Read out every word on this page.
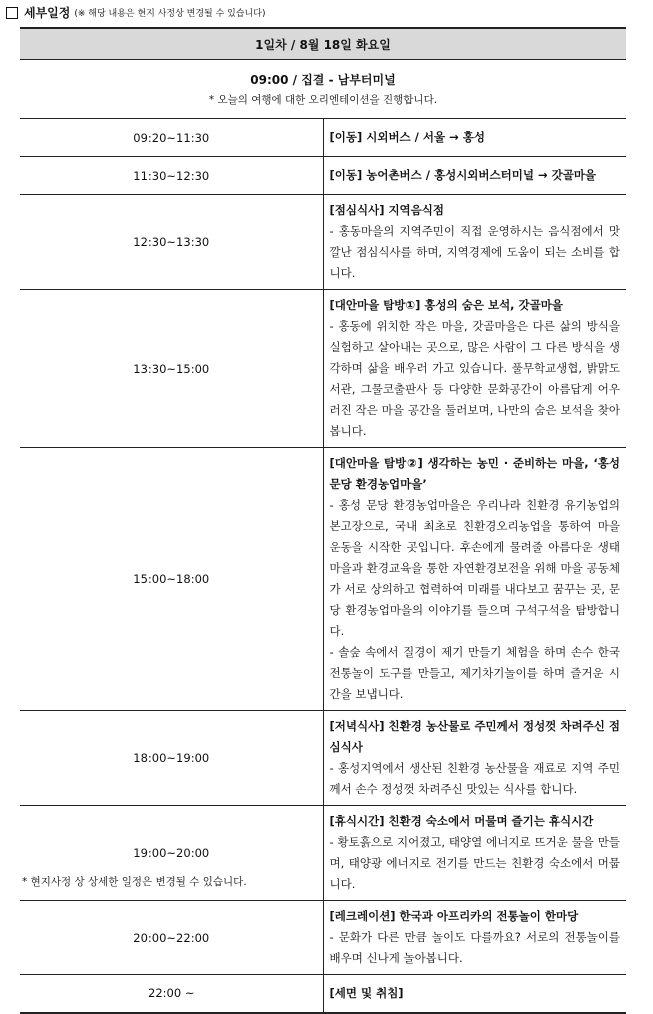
세부일정 (※ 해당 내용은 현지 사정상 변경될 수 있습니다)
1일차 / 8월 18일 화요일	

09:00 / 집결 - 남부터미널
* 오늘의 여행에 대한 오리엔테이션을 진행합니다.	

09:20~11:30	[이동] 시외버스 / 서울 → 홍성

11:30~12:30	[이동] 농어촌버스 / 홍성시외버스터미널 → 갓골마을

12:30~13:30	[점심식사] 지역음식점
- 홍동마을의 지역주민이 직접 운영하시는 음식점에서 맛깔난 점심식사를 하며, 지역경제에 도움이 되는 소비를 합니다.

13:30~15:00	[대안마을 탐방①] 홍성의 숨은 보석, 갓골마을
- 홍동에 위치한 작은 마을, 갓골마을은 다른 삶의 방식을 실험하고 살아내는 곳으로, 많은 사람이 그 다른 방식을 생각하며 삶을 배우러 가고 있습니다. 풀무학교생협, 밝맑도서관, 그물코출판사 등 다양한 문화공간이 아름답게 어우러진 작은 마을 공간을 둘러보며, 나만의 숨은 보석을 찾아봅니다.

15:00~18:00	[대안마을 탐방②] 생각하는 농민 · 준비하는 마을, ‘홍성 문당 환경농업마을’
- 홍성 문당 환경농업마을은 우리나라 친환경 유기농업의 본고장으로, 국내 최초로 친환경오리농업을 통하여 마을 운동을 시작한 곳입니다. 후손에게 물려줄 아름다운 생태마을과 환경교육을 통한 자연환경보전을 위해 마을 공동체가 서로 상의하고 협력하여 미래를 내다보고 꿈꾸는 곳, 문당 환경농업마을의 이야기를 들으며 구석구석을 탐방합니다.
- 솔숲 속에서 질경이 제기 만들기 체험을 하며 손수 한국 전통놀이 도구를 만들고, 제기차기놀이를 하며 즐거운 시간을 보냅니다.

18:00~19:00	[저녁식사] 친환경 농산물로 주민께서 정성껏 차려주신 점심식사
- 홍성지역에서 생산된 친환경 농산물을 재료로 지역 주민께서 손수 정성껏 차려주신 맛있는 식사를 합니다.

19:00~20:00	[휴식시간] 친환경 숙소에서 머물며 즐기는 휴식시간
- 황토흙으로 지어졌고, 태양열 에너지로 뜨거운 물을 만들며, 태양광 에너지로 전기를 만드는 친환경 숙소에서 머뭅니다.

20:00~22:00	[레크레이션] 한국과 아프리카의 전통놀이 한마당
- 문화가 다른 만큼 놀이도 다를까요? 서로의 전통놀이를 배우며 신나게 놀아봅니다.

22:00 ~	[세면 및 취침]
* 현지사정 상 상세한 일정은 변경될 수 있습니다.
